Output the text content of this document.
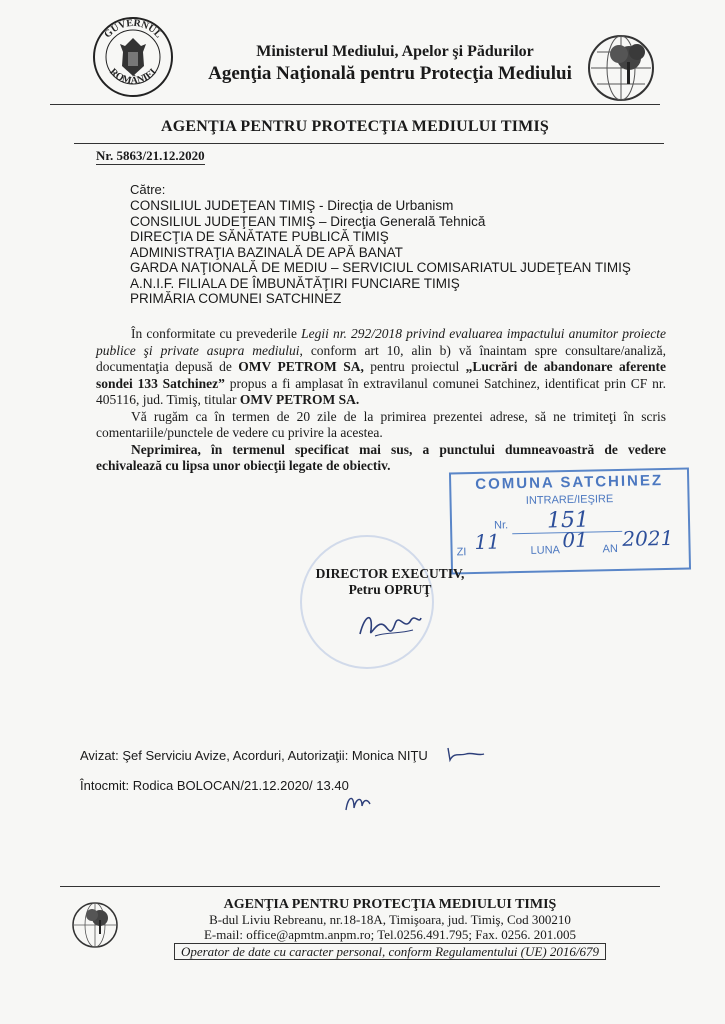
GUVERNUL
ROMÂNIEI
Ministerul Mediului, Apelor şi Pădurilor
Agenţia Naţională pentru Protecţia Mediului
AGENŢIA PENTRU PROTECŢIA MEDIULUI TIMIŞ
Nr. 5863/21.12.2020
Către:
CONSILIUL JUDEŢEAN TIMIŞ - Direcţia de Urbanism
CONSILIUL JUDEŢEAN TIMIŞ – Direcţia Generală Tehnică
DIRECŢIA DE SĂNĂTATE PUBLICĂ TIMIŞ
ADMINISTRAŢIA BAZINALĂ DE APĂ BANAT
GARDA NAŢIONALĂ DE MEDIU – SERVICIUL COMISARIATUL JUDEŢEAN TIMIŞ
A.N.I.F. FILIALA DE ÎMBUNĂTĂŢIRI FUNCIARE TIMIŞ
PRIMĂRIA COMUNEI SATCHINEZ

În conformitate cu prevederile Legii nr. 292/2018 privind evaluarea impactului anumitor proiecte publice şi private asupra mediului, conform art 10, alin b) vă înaintam spre consultare/analiză, documentaţia depusă de OMV PETROM SA, pentru proiectul „Lucrări de abandonare aferente sondei 133 Satchinez” propus a fi amplasat în extravilanul comunei Satchinez, identificat prin CF nr. 405116, jud. Timiş, titular OMV PETROM SA.

Vă rugăm ca în termen de 20 zile de la primirea prezentei adrese, să ne trimiteţi în scris comentariile/punctele de vedere cu privire la acestea.

Neprimirea, în termenul specificat mai sus, a punctului dumneavoastră de vedere echivalează cu lipsa unor obiecţii legate de obiectiv.

COMUNA SATCHINEZ
INTRARE/IEŞIRE
Nr. 151
ZI 11	LUNA 01 AN 2021
DIRECTOR EXECUTIV,
Petru OPRUŢ
Avizat: Şef Serviciu Avize, Acorduri, Autorizaţii: Monica NIŢU
Întocmit: Rodica BOLOCAN/21.12.2020/ 13.40
AGENŢIA PENTRU PROTECŢIA MEDIULUI TIMIŞ
B-dul Liviu Rebreanu, nr.18-18A, Timişoara, jud. Timiş, Cod 300210
E-mail: office@apmtm.anpm.ro; Tel.0256.491.795; Fax. 0256. 201.005
Operator de date cu caracter personal, conform Regulamentului (UE) 2016/679
